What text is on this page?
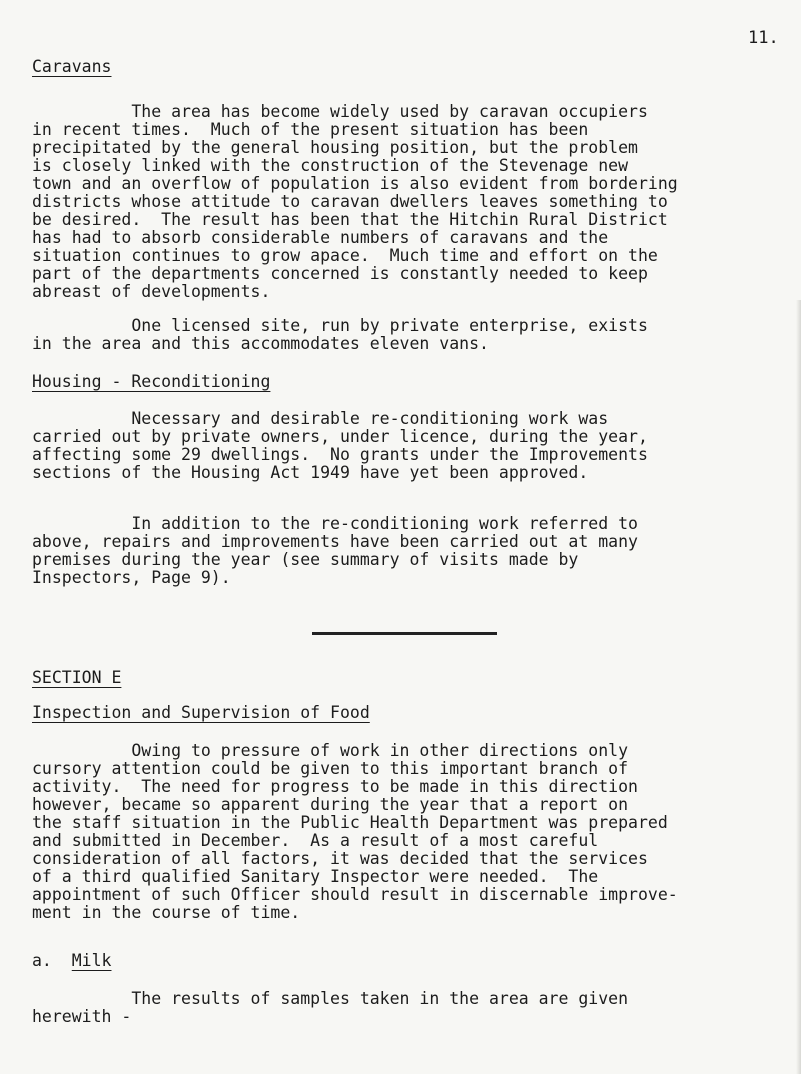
11.
Caravans

The area has become widely used by caravan occupiers
in recent times.  Much of the present situation has been
precipitated by the general housing position, but the problem
is closely linked with the construction of the Stevenage new
town and an overflow of population is also evident from bordering
districts whose attitude to caravan dwellers leaves something to
be desired.  The result has been that the Hitchin Rural District
has had to absorb considerable numbers of caravans and the
situation continues to grow apace.  Much time and effort on the
part of the departments concerned is constantly needed to keep
abreast of developments.

One licensed site, run by private enterprise, exists
in the area and this accommodates eleven vans.

Housing - Reconditioning

Necessary and desirable re-conditioning work was
carried out by private owners, under licence, during the year,
affecting some 29 dwellings.  No grants under the Improvements
sections of the Housing Act 1949 have yet been approved.

In addition to the re-conditioning work referred to
above, repairs and improvements have been carried out at many
premises during the year (see summary of visits made by
Inspectors, Page 9).

SECTION E
Inspection and Supervision of Food

Owing to pressure of work in other directions only
cursory attention could be given to this important branch of
activity.  The need for progress to be made in this direction
however, became so apparent during the year that a report on
the staff situation in the Public Health Department was prepared
and submitted in December.  As a result of a most careful
consideration of all factors, it was decided that the services
of a third qualified Sanitary Inspector were needed.  The
appointment of such Officer should result in discernable improve-
ment in the course of time.

a.  Milk

The results of samples taken in the area are given
herewith -
